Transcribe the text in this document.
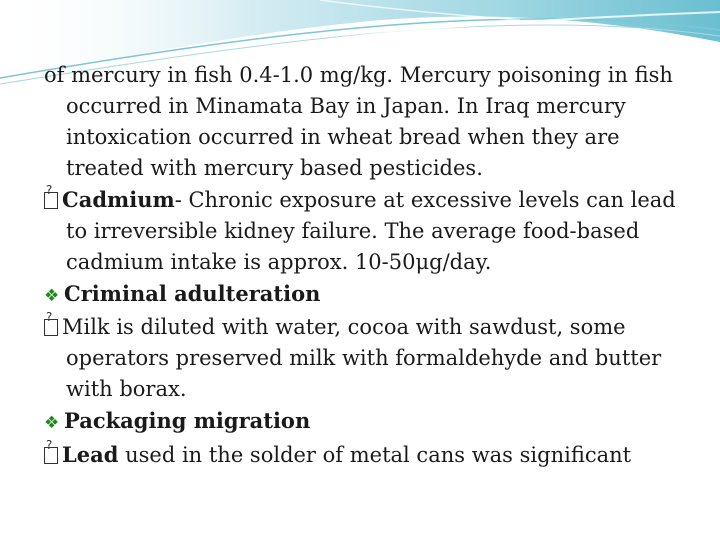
of mercury in fish 0.4-1.0 mg/kg. Mercury poisoning in fish occurred in Minamata Bay in Japan. In Iraq mercury intoxication occurred in wheat bread when they are treated with mercury based pesticides.

?Cadmium- Chronic exposure at excessive levels can lead to irreversible kidney failure. The average food-based cadmium intake is approx. 10-50μg/day.

❖ Criminal adulteration

?Milk is diluted with water, cocoa with sawdust, some operators preserved milk with formaldehyde and butter with borax.

❖ Packaging migration

?Lead used in the solder of metal cans was significant
